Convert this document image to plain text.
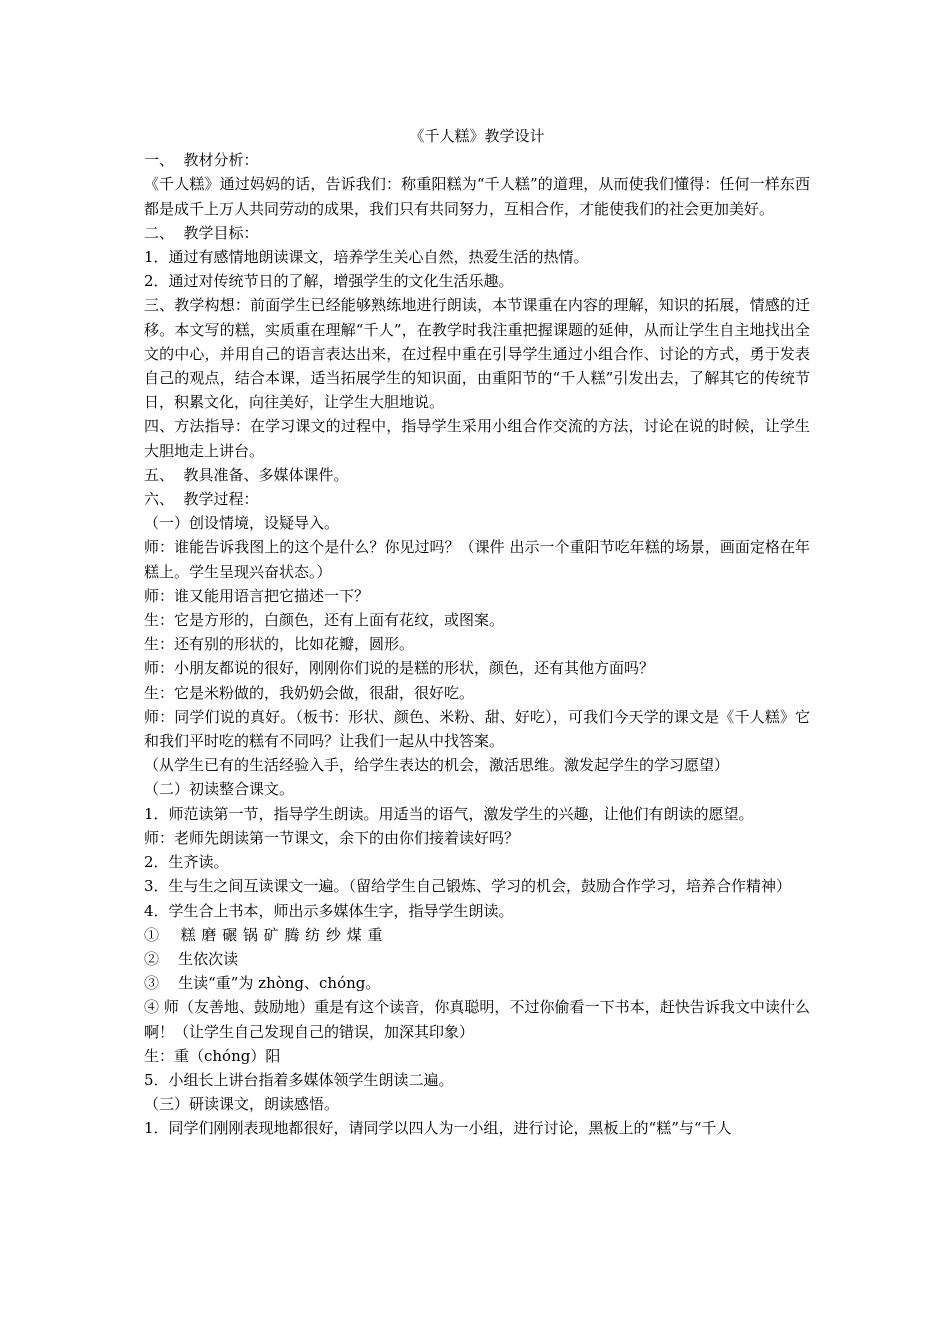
《千人糕》教学设计

一、  教材分析：

《千人糕》通过妈妈的话，告诉我们：称重阳糕为“千人糕”的道理，从而使我们懂得：任何一样东西都是成千上万人共同劳动的成果，我们只有共同努力，互相合作，才能使我们的社会更加美好。

二、  教学目标：

1．通过有感情地朗读课文，培养学生关心自然，热爱生活的热情。

2．通过对传统节日的了解，增强学生的文化生活乐趣。

三、教学构想：前面学生已经能够熟练地进行朗读，本节课重在内容的理解，知识的拓展，情感的迁移。本文写的糕，实质重在理解“千人”，在教学时我注重把握课题的延伸，从而让学生自主地找出全文的中心，并用自己的语言表达出来，在过程中重在引导学生通过小组合作、讨论的方式，勇于发表自己的观点，结合本课，适当拓展学生的知识面，由重阳节的“千人糕”引发出去，了解其它的传统节日，积累文化，向往美好，让学生大胆地说。

四、方法指导：在学习课文的过程中，指导学生采用小组合作交流的方法，讨论在说的时候，让学生大胆地走上讲台。

五、  教具准备、多媒体课件。

六、  教学过程：

（一）创设情境，设疑导入。

师：谁能告诉我图上的这个是什么？你见过吗？（课件 出示一个重阳节吃年糕的场景，画面定格在年糕上。学生呈现兴奋状态。）

师：谁又能用语言把它描述一下？

生：它是方形的，白颜色，还有上面有花纹，或图案。

生：还有别的形状的，比如花瓣，圆形。

师：小朋友都说的很好，刚刚你们说的是糕的形状，颜色，还有其他方面吗？

生：它是米粉做的，我奶奶会做，很甜，很好吃。

师：同学们说的真好。（板书：形状、颜色、米粉、甜、好吃），可我们今天学的课文是《千人糕》它和我们平时吃的糕有不同吗？让我们一起从中找答案。

（从学生已有的生活经验入手，给学生表达的机会，激活思维。激发起学生的学习愿望）

（二）初读整合课文。

1．师范读第一节，指导学生朗读。用适当的语气，激发学生的兴趣，让他们有朗读的愿望。

师：老师先朗读第一节课文，余下的由你们接着读好吗？

2．生齐读。

3．生与生之间互读课文一遍。（留给学生自己锻炼、学习的机会，鼓励合作学习，培养合作精神）

4．学生合上书本，师出示多媒体生字，指导学生朗读。

①    糕 磨 碾 锅 矿 腾 纺 纱 煤 重

②    生依次读

③    生读“重”为 zhòng、chóng。

④ 师（友善地、鼓励地）重是有这个读音，你真聪明，不过你偷看一下书本，赶快告诉我文中读什么啊！（让学生自己发现自己的错误，加深其印象）

生：重（chóng）阳

5．小组长上讲台指着多媒体领学生朗读二遍。

（三）研读课文，朗读感悟。

1．同学们刚刚表现地都很好，请同学以四人为一小组，进行讨论，黑板上的“糕”与“千人
